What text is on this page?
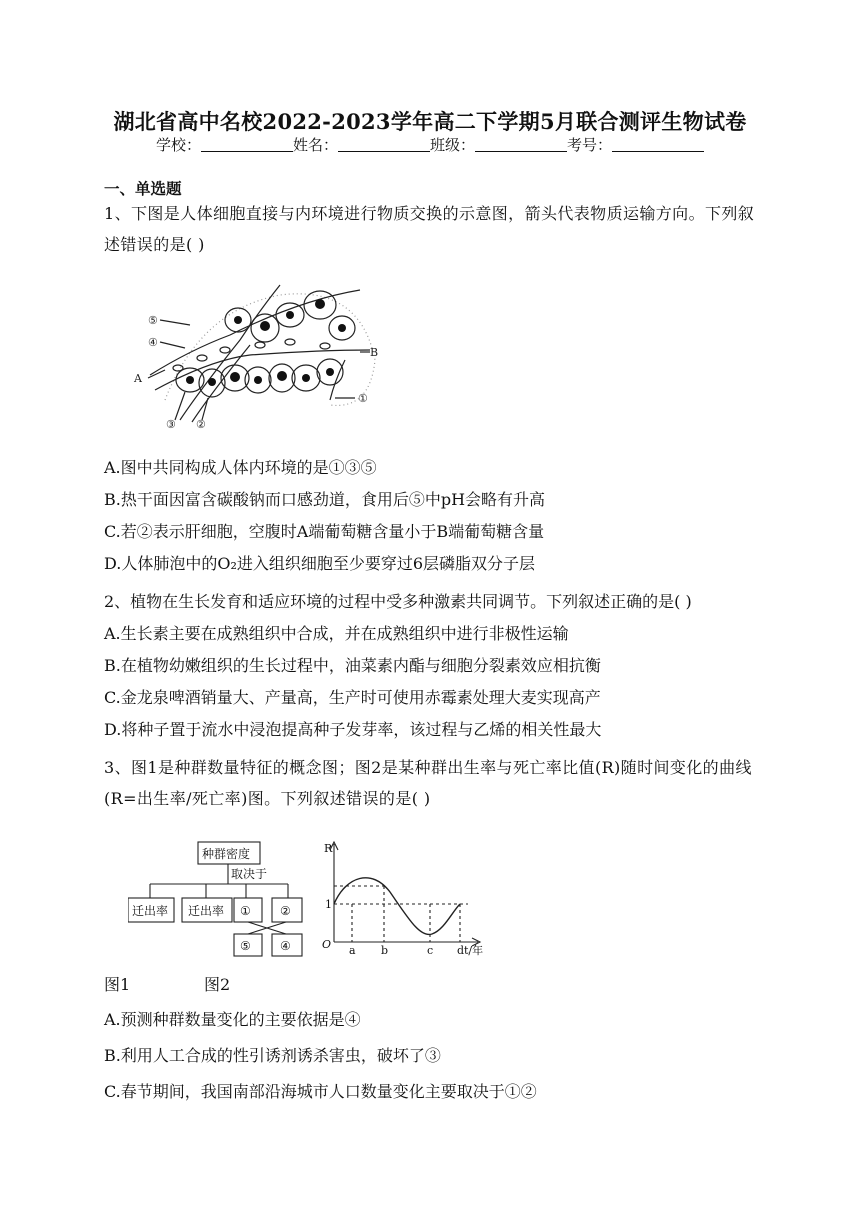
湖北省高中名校2022-2023学年高二下学期5月联合测评生物试卷
学校：	姓名：	班级：	考号：
一、单选题
1、下图是人体细胞直接与内环境进行物质交换的示意图，箭头代表物质运输方向。下列叙述错误的是( )
⑤
④
A
③ ②
①
B
A.图中共同构成人体内环境的是①③⑤
B.热干面因富含碳酸钠而口感劲道，食用后⑤中pH会略有升高
C.若②表示肝细胞，空腹时A端葡萄糖含量小于B端葡萄糖含量
D.人体肺泡中的O₂进入组织细胞至少要穿过6层磷脂双分子层
2、植物在生长发育和适应环境的过程中受多种激素共同调节。下列叙述正确的是( )
A.生长素主要在成熟组织中合成，并在成熟组织中进行非极性运输
B.在植物幼嫩组织的生长过程中，油菜素内酯与细胞分裂素效应相抗衡
C.金龙泉啤酒销量大、产量高，生产时可使用赤霉素处理大麦实现高产
D.将种子置于流水中浸泡提高种子发芽率，该过程与乙烯的相关性最大
3、图1是种群数量特征的概念图；图2是某种群出生率与死亡率比值(R)随时间变化的曲线(R=出生率/死亡率)图。下列叙述错误的是( )
种群密度
取决于
迁出率 迁出率 ① ②
⑤ ④
R
1
O a b	c d t/年
图1	图2
A.预测种群数量变化的主要依据是④
B.利用人工合成的性引诱剂诱杀害虫，破坏了③
C.春节期间，我国南部沿海城市人口数量变化主要取决于①②
